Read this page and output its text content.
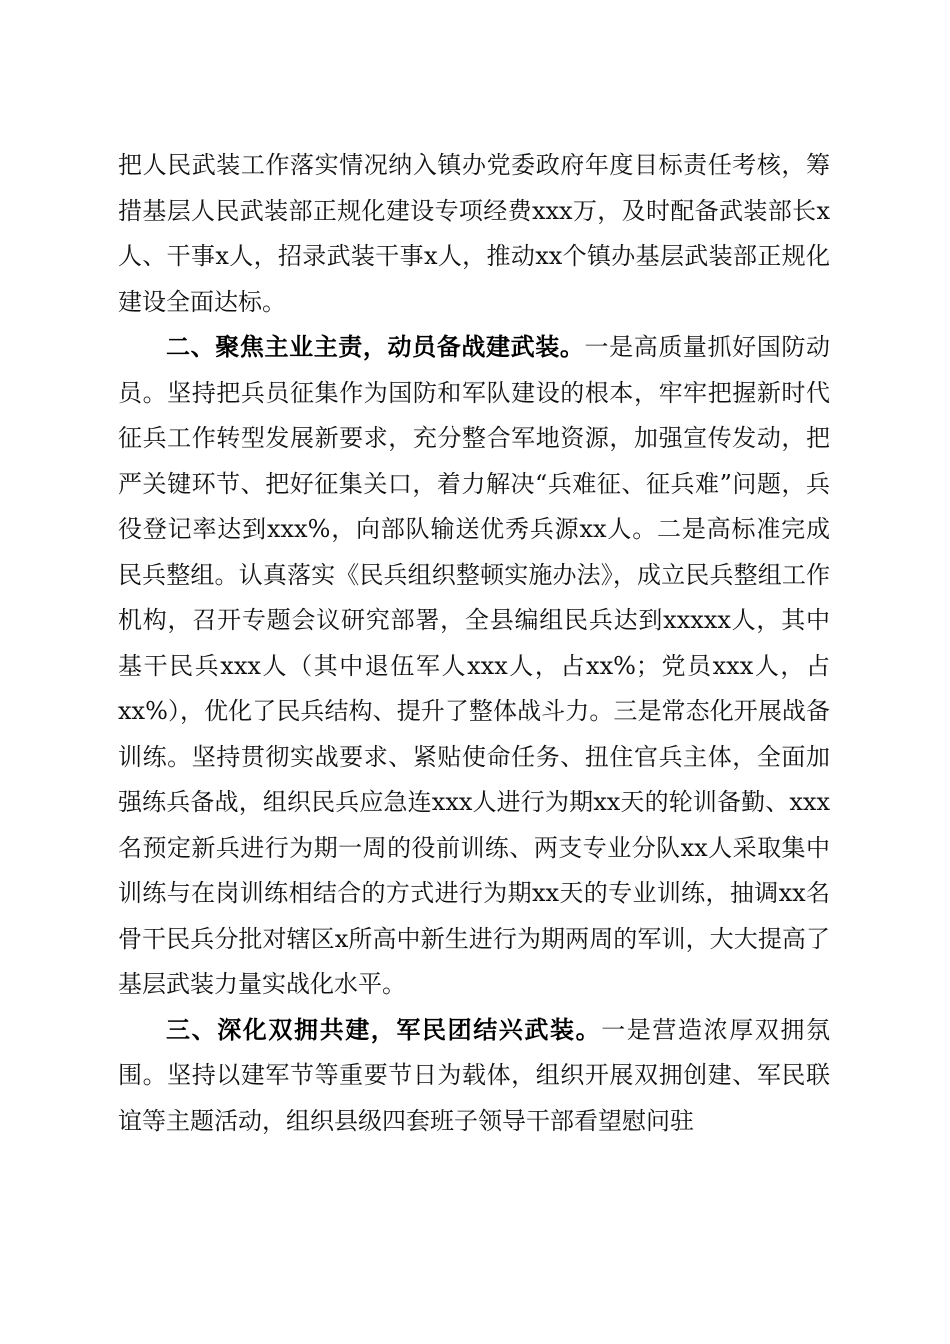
把人民武装工作落实情况纳入镇办党委政府年度目标责任考核，筹措基层人民武装部正规化建设专项经费xxx万，及时配备武装部长x人、干事x人，招录武装干事x人，推动xx个镇办基层武装部正规化建设全面达标。

二、聚焦主业主责，动员备战建武装。一是高质量抓好国防动员。坚持把兵员征集作为国防和军队建设的根本，牢牢把握新时代征兵工作转型发展新要求，充分整合军地资源，加强宣传发动，把严关键环节、把好征集关口，着力解决“兵难征、征兵难”问题，兵役登记率达到xxx%，向部队输送优秀兵源xx人。二是高标准完成民兵整组。认真落实《民兵组织整顿实施办法》，成立民兵整组工作机构，召开专题会议研究部署，全县编组民兵达到xxxxx人，其中基干民兵xxx人（其中退伍军人xxx人，占xx%；党员xxx人，占xx%），优化了民兵结构、提升了整体战斗力。三是常态化开展战备训练。坚持贯彻实战要求、紧贴使命任务、扭住官兵主体，全面加强练兵备战，组织民兵应急连xxx人进行为期xx天的轮训备勤、xxx名预定新兵进行为期一周的役前训练、两支专业分队xx人采取集中训练与在岗训练相结合的方式进行为期xx天的专业训练，抽调xx名骨干民兵分批对辖区x所高中新生进行为期两周的军训，大大提高了基层武装力量实战化水平。

三、深化双拥共建，军民团结兴武装。一是营造浓厚双拥氛围。坚持以建军节等重要节日为载体，组织开展双拥创建、军民联谊等主题活动，组织县级四套班子领导干部看望慰问驻
